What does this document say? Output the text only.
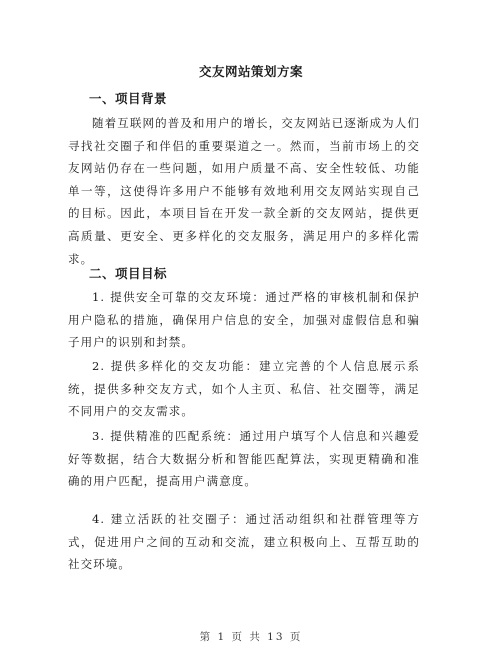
交友网站策划方案
一、项目背景

随着互联网的普及和用户的增长，交友网站已逐渐成为人们寻找社交圈子和伴侣的重要渠道之一。然而，当前市场上的交友网站仍存在一些问题，如用户质量不高、安全性较低、功能单一等，这使得许多用户不能够有效地利用交友网站实现自己的目标。因此，本项目旨在开发一款全新的交友网站，提供更高质量、更安全、更多样化的交友服务，满足用户的多样化需求。

二、项目目标

1. 提供安全可靠的交友环境：通过严格的审核机制和保护用户隐私的措施，确保用户信息的安全，加强对虚假信息和骗子用户的识别和封禁。

2. 提供多样化的交友功能：建立完善的个人信息展示系统，提供多种交友方式，如个人主页、私信、社交圈等，满足不同用户的交友需求。

3. 提供精准的匹配系统：通过用户填写个人信息和兴趣爱好等数据，结合大数据分析和智能匹配算法，实现更精确和准确的用户匹配，提高用户满意度。

4. 建立活跃的社交圈子：通过活动组织和社群管理等方式，促进用户之间的互动和交流，建立积极向上、互帮互助的社交环境。

第 1 页 共 13 页
